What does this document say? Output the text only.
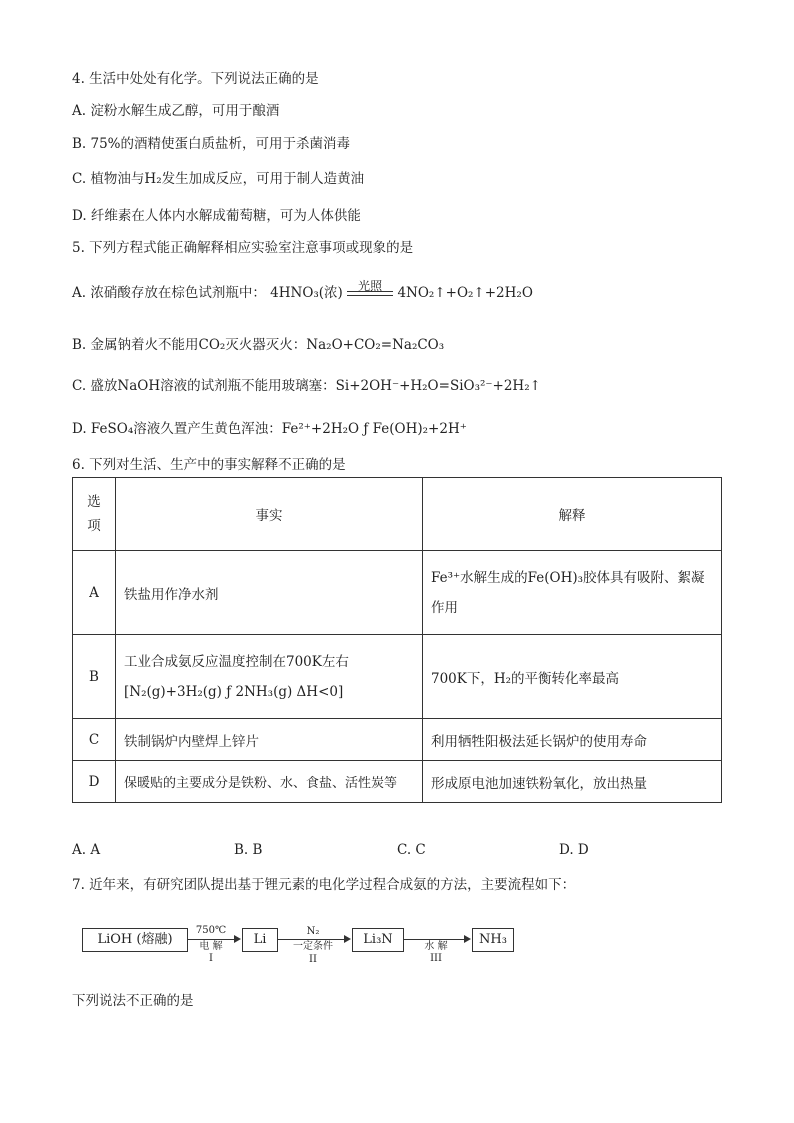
4. 生活中处处有化学。下列说法正确的是
A. 淀粉水解生成乙醇，可用于酿酒
B. 75%的酒精使蛋白质盐析，可用于杀菌消毒
C. 植物油与H₂发生加成反应，可用于制人造黄油
D. 纤维素在人体内水解成葡萄糖，可为人体供能
5. 下列方程式能正确解释相应实验室注意事项或现象的是
A. 浓硝酸存放在棕色试剂瓶中： 4HNO₃(浓)	光照	4NO₂↑+O₂↑+2H₂O
B. 金属钠着火不能用CO₂灭火器灭火：Na₂O+CO₂=Na₂CO₃
C. 盛放NaOH溶液的试剂瓶不能用玻璃塞：Si+2OH⁻+H₂O=SiO₃²⁻+2H₂↑
D. FeSO₄溶液久置产生黄色浑浊：Fe²⁺+2H₂O ƒ Fe(OH)₂+2H⁺
6. 下列对生活、生产中的事实解释不正确的是
选
项	事实	解释
A	铁盐用作净水剂	Fe³⁺水解生成的Fe(OH)₃胶体具有吸附、絮凝
作用

B	工业合成氨反应温度控制在700K左右
[N₂(g)+3H₂(g) ƒ 2NH₃(g) ΔH<0]	700K下，H₂的平衡转化率最高
C	铁制锅炉内壁焊上锌片	利用牺牲阳极法延长锅炉的使用寿命
D	保暖贴的主要成分是铁粉、水、食盐、活性炭等	形成原电池加速铁粉氧化，放出热量
A. A	B. B	C. C	D. D
7. 近年来，有研究团队提出基于锂元素的电化学过程合成氨的方法，主要流程如下：
LiOH (熔融)
750℃
电 解
I
Li
N₂
一定条件
II
Li₃N	水 解
III
NH₃
下列说法不正确的是
